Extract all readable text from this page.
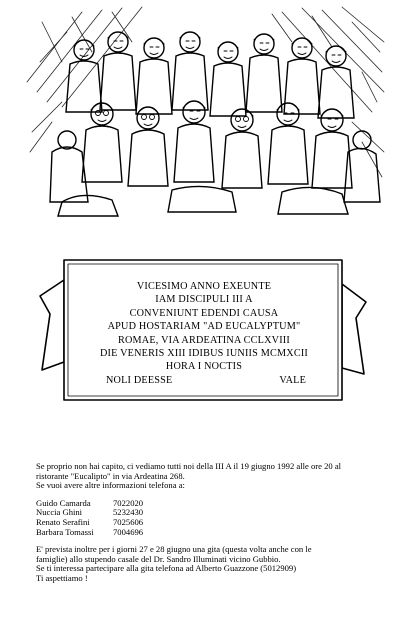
VICESIMO ANNO EXEUNTE
IAM DISCIPULI III A
CONVENIUNT EDENDI CAUSA
APUD HOSTARIAM "AD EUCALYPTUM"
ROMAE, VIA ARDEATINA CCLXVIII
DIE VENERIS XIII IDIBUS IUNIIS MCMXCII
HORA I NOCTIS
NOLI DEESSE	VALE

Se proprio non hai capito, ci vediamo tutti noi della III A il 19 giugno 1992 alle ore 20 al

ristorante "Eucalipto" in via Ardeatina 268.

Se vuoi avere altre informazioni telefona a:

Guido Camarda	7022020
Nuccia Ghini	5232430
Renato Serafini	7025606
Barbara Tomassi	7004696

E' prevista inoltre per i giorni 27 e 28 giugno una gita (questa volta anche con le

famiglie) allo stupendo casale del Dr. Sandro Illuminati vicino Gubbio.

Se ti interessa partecipare alla gita telefona ad Alberto Guazzone (5012909)

Ti aspettiamo !
